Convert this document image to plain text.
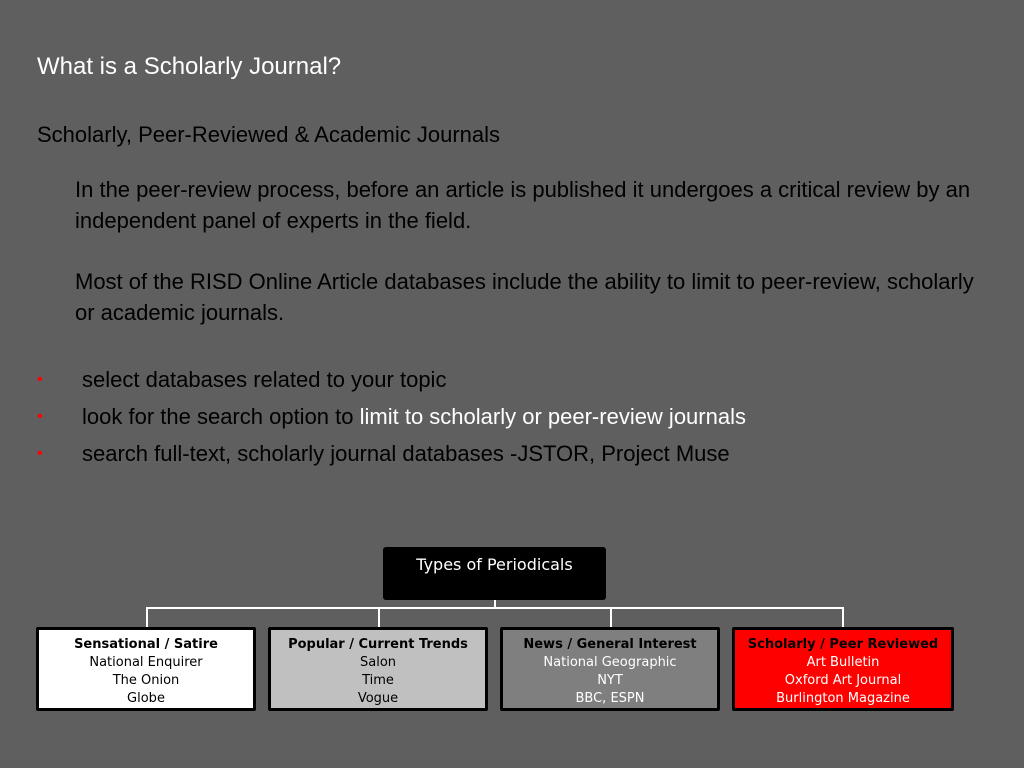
What is a Scholarly Journal?
Scholarly, Peer-Reviewed & Academic Journals
In the peer-review process, before an article is published it undergoes a critical review by an independent panel of experts in the field.
Most of the RISD Online Article databases include the ability to limit to peer-review, scholarly or academic journals.
• select databases related to your topic
• look for the search option to limit to scholarly or peer-review journals
• search full-text, scholarly journal databases -JSTOR, Project Muse
Types of Periodicals
Sensational / Satire
National Enquirer
The Onion
Globe
Popular / Current Trends
Salon
Time
Vogue
News / General Interest
National Geographic
NYT
BBC, ESPN
Scholarly / Peer Reviewed
Art Bulletin
Oxford Art Journal
Burlington Magazine
